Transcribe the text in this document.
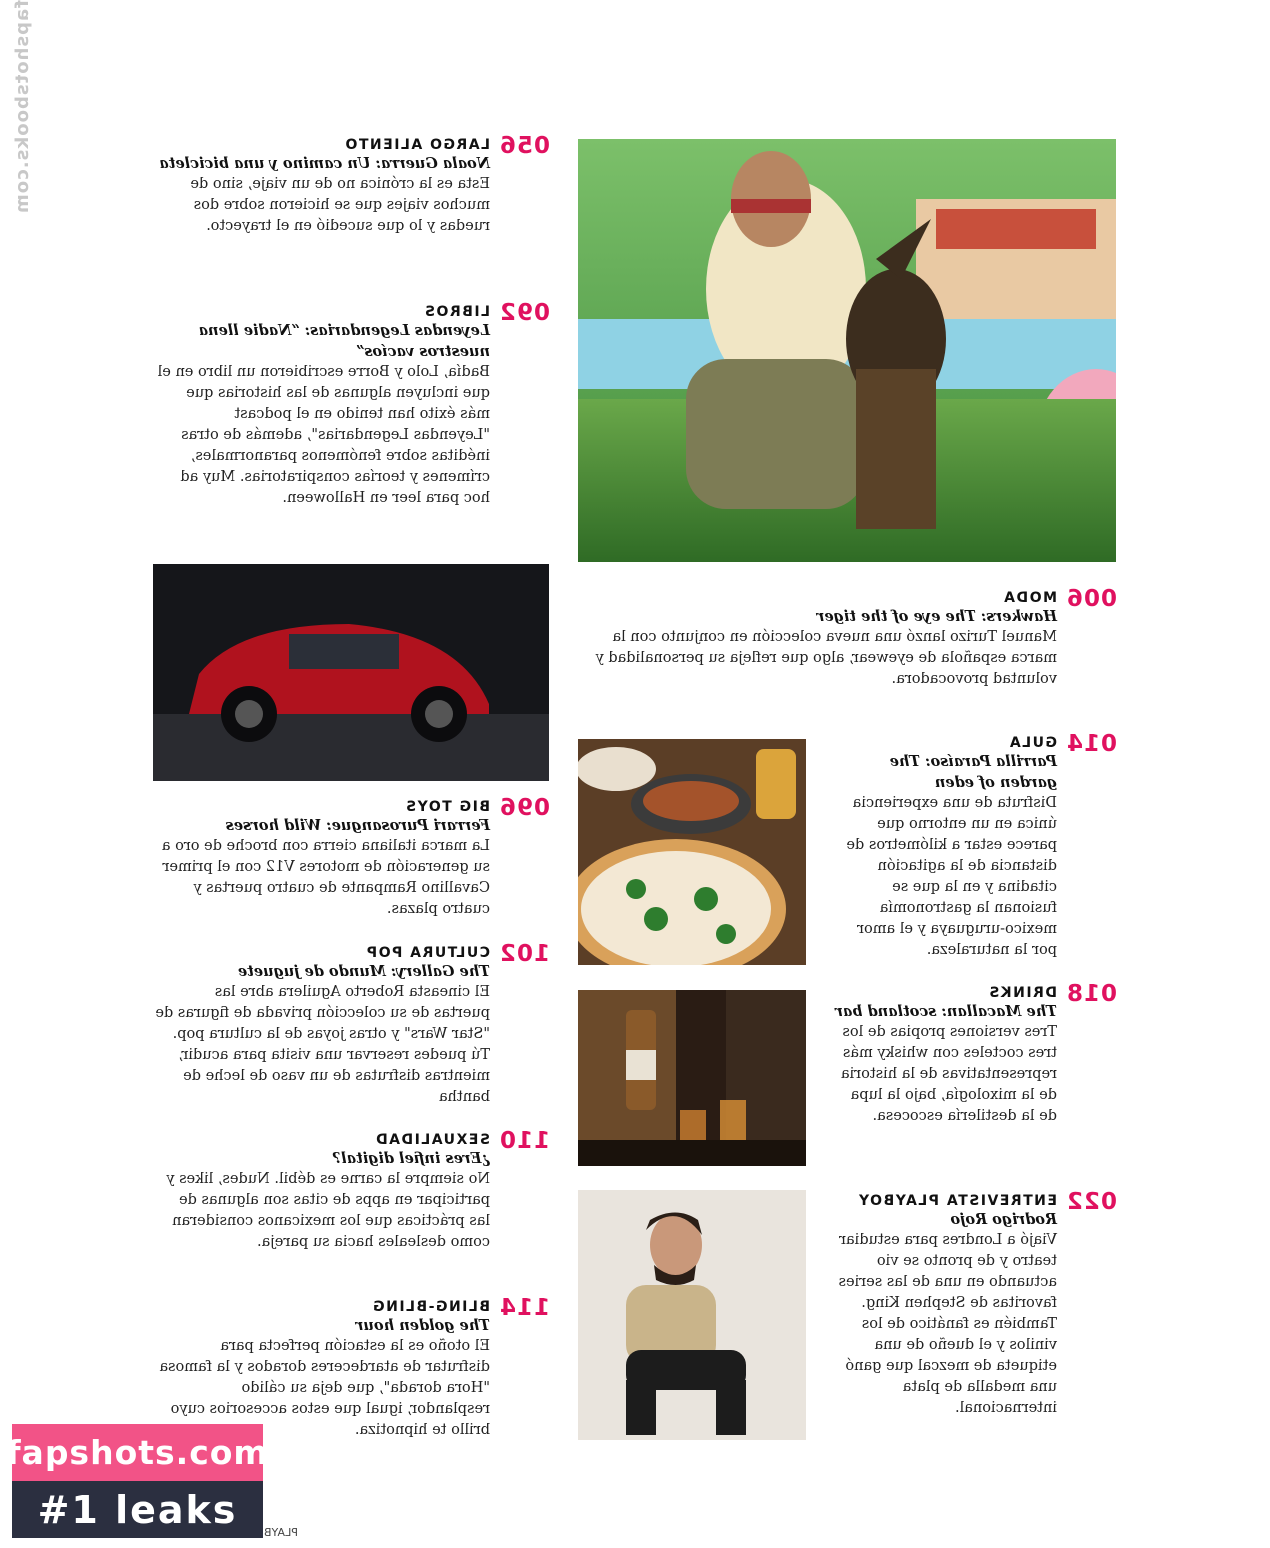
006
MODA
Hawkers: The eye of the tiger

Manuel Turizo lanzó una nueva colección en conjunto con la marca española de eyewear, algo que refleja su personalidad y voluntad provocadora.

014
GULA
Parrilla Paraíso: The garden of eden

Disfruta de una experiencia única en un entorno que parece estar a kilómetros de distancia de la agitación citadina y en la que se fusionan la gastronomía mexico-uruguaya y el amor por la naturaleza.

018
DRINKS
The Macallan: scotland bar

Tres versiones propias de los tres cocteles con whisky más representativas de la historia de la mixología, bajo la lupa de la destilería escocesa.

022
ENTREVISTA PLAYBOY
Rodrigo Rojo

Viajó a Londres para estudiar teatro y de pronto se vio actuando en una de las series favoritas de Stephen King. También es fanático de los vinilos y el dueño de una etiqueta de mezcal que ganó una medalla de plata internacional.

056
LARGO ALIENTO
Noala Guerra: Un camino y una bicicleta

Esta es la crónica no de un viaje, sino de muchos viajes que se hicieron sobre dos ruedas y lo que sucedió en el trayecto.

092
LIBROS
Leyendas Legendarias: “Nadie llena nuestros vacíos”

Badía, Lolo y Borre escribieron un libro en el que incluyen algunas de las historias que más éxito han tenido en el podcast "Leyendas Legendarias", además de otras inéditas sobre fenómenos paranormales, crímenes y teorías conspiratorias. Muy ad hoc para leer en Halloween.

096
BIG TOYS
Ferrari Purosangue: Wild horses

La marca italiana cierra con broche de oro a su generación de motores V12 con el primer Cavallino Rampante de cuatro puertas y cuatro plazas.

102
CULTURA POP
The Gallery: Mundo de juguete

El cineasta Roberto Aguilera abre las puertas de su colección privada de figuras de "Star Wars" y otras joyas de la cultura pop. Tú puedes reservar una visita para acudir, mientras disfrutas de un vaso de leche de bantha

110
SEXUALIDAD
¿Eres infiel digital?

No siempre la carne es débil. Nudes, likes y participar en apps de citas son algunas de las prácticas que los mexicanos consideran como desleales hacia su pareja.

114
BLING-BLING
The golden hour

El otoño es la estación perfecta para disfrutar de atardeceres dorados y la famosa "Hora dorada", que deja su cálido resplandor, igual que estos accesorios cuyo brillo te hipnotiza.

fapshotsbooks.com
fapshots.com
#1 leaks
PLAYB
